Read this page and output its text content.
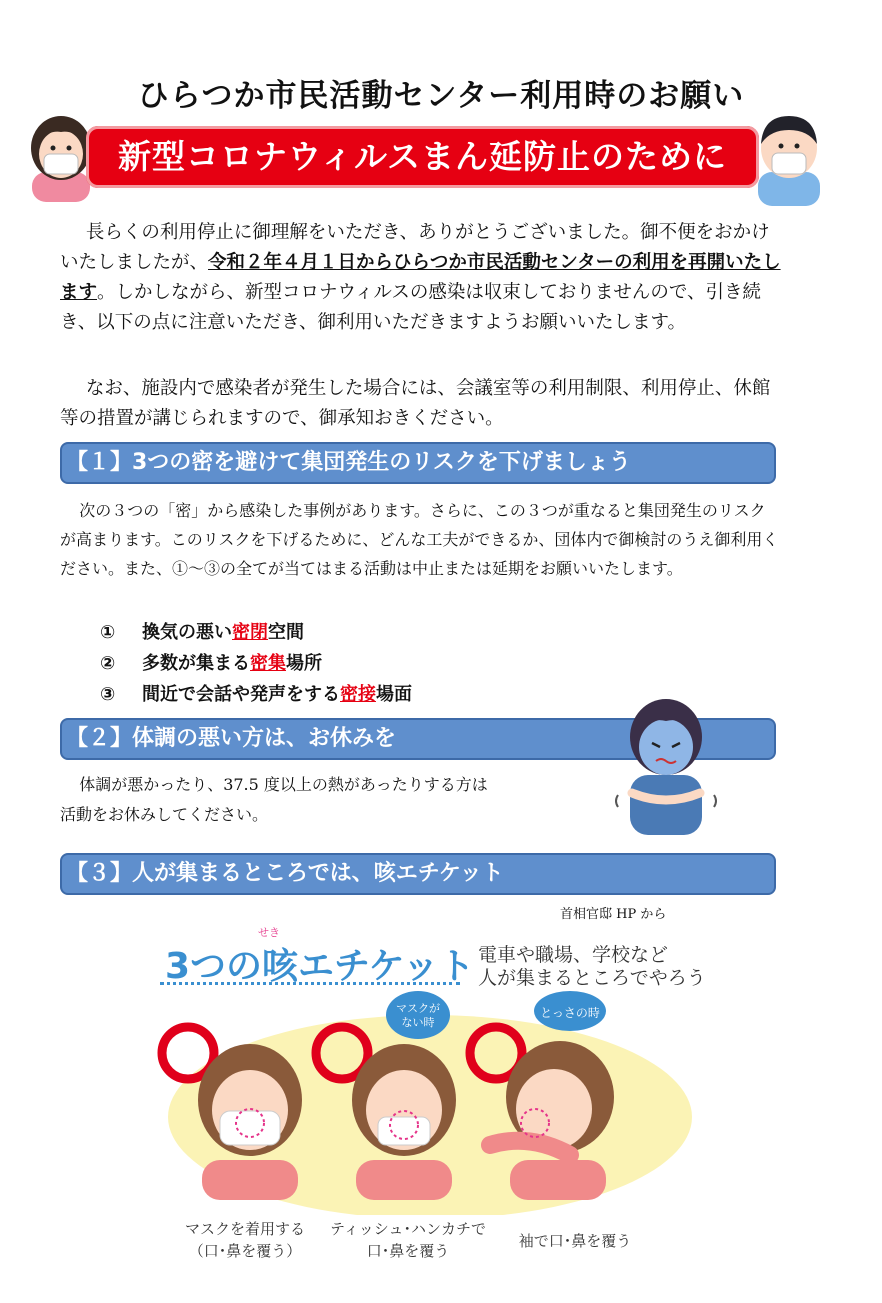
ひらつか市民活動センター利用時のお願い
新型コロナウィルスまん延防止のために
長らくの利用停止に御理解をいただき、ありがとうございました。御不便をおかけいたしましたが、令和２年４月１日からひらつか市民活動センターの利用を再開いたします。しかしながら、新型コロナウィルスの感染は収束しておりませんので、引き続き、以下の点に注意いただき、御利用いただきますようお願いいたします。
なお、施設内で感染者が発生した場合には、会議室等の利用制限、利用停止、休館等の措置が講じられますので、御承知おきください。
【１】3つの密を避けて集団発生のリスクを下げましょう
次の３つの「密」から感染した事例があります。さらに、この３つが重なると集団発生のリスクが高まります。このリスクを下げるために、どんな工夫ができるか、団体内で御検討のうえ御利用ください。また、①～③の全てが当てはまる活動は中止または延期をお願いいたします。
① 換気の悪い密閉空間
② 多数が集まる密集場所
③ 間近で会話や発声をする密接場面
【２】体調の悪い方は、お休みを
体調が悪かったり、37.5 度以上の熱があったりする方は
活動をお休みしてください。
【３】人が集まるところでは、咳エチケット
首相官邸 HP から
せき
3つの咳エチケット 電車や職場、学校など
人が集まるところでやろう
マスクが
ない時
とっさの時
マスクを着用する
（口･鼻を覆う）
ティッシュ･ハンカチで
口･鼻を覆う
袖で口･鼻を覆う
